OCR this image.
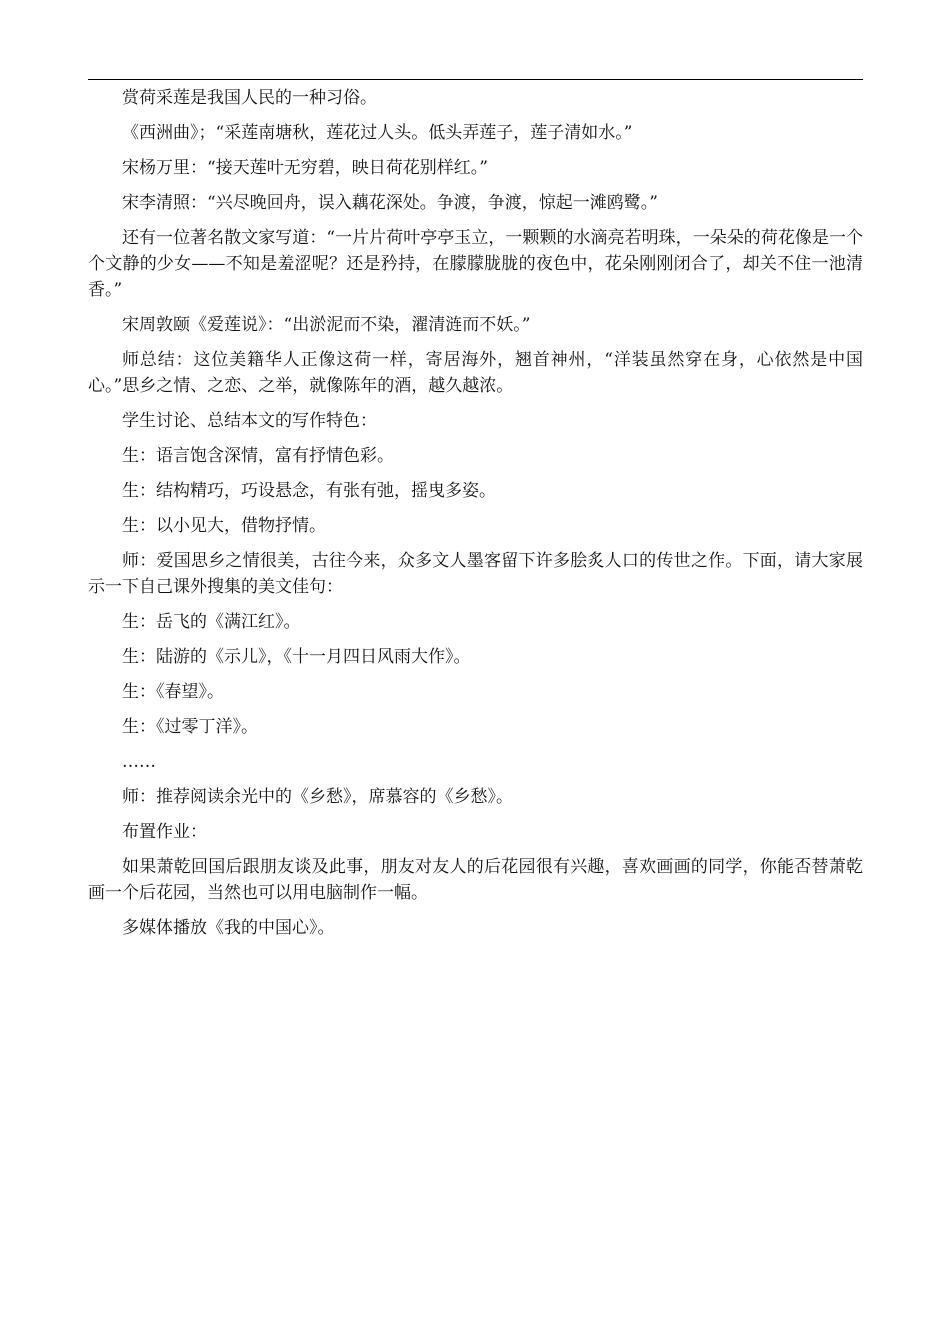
赏荷采莲是我国人民的一种习俗。

《西洲曲》；“采莲南塘秋，莲花过人头。低头弄莲子，莲子清如水。”

宋杨万里：“接天莲叶无穷碧，映日荷花别样红。”

宋李清照：“兴尽晚回舟，误入藕花深处。争渡，争渡，惊起一滩鸥鹭。”

还有一位著名散文家写道：“一片片荷叶亭亭玉立，一颗颗的水滴亮若明珠，一朵朵的荷花像是一个个文静的少女——不知是羞涩呢？还是矜持，在朦朦胧胧的夜色中，花朵刚刚闭合了，却关不住一池清香。”

宋周敦颐《爱莲说》：“出淤泥而不染，濯清涟而不妖。”

师总结：这位美籍华人正像这荷一样，寄居海外，翘首神州，“洋装虽然穿在身，心依然是中国心。”思乡之情、之恋、之举，就像陈年的酒，越久越浓。

学生讨论、总结本文的写作特色：

生：语言饱含深情，富有抒情色彩。

生：结构精巧，巧设悬念，有张有弛，摇曳多姿。

生：以小见大，借物抒情。

师：爱国思乡之情很美，古往今来，众多文人墨客留下许多脍炙人口的传世之作。下面，请大家展示一下自己课外搜集的美文佳句：

生：岳飞的《满江红》。

生：陆游的《示儿》，《十一月四日风雨大作》。

生：《春望》。

生：《过零丁洋》。

……

师：推荐阅读余光中的《乡愁》，席慕容的《乡愁》。

布置作业：

如果萧乾回国后跟朋友谈及此事，朋友对友人的后花园很有兴趣，喜欢画画的同学，你能否替萧乾画一个后花园，当然也可以用电脑制作一幅。

多媒体播放《我的中国心》。
